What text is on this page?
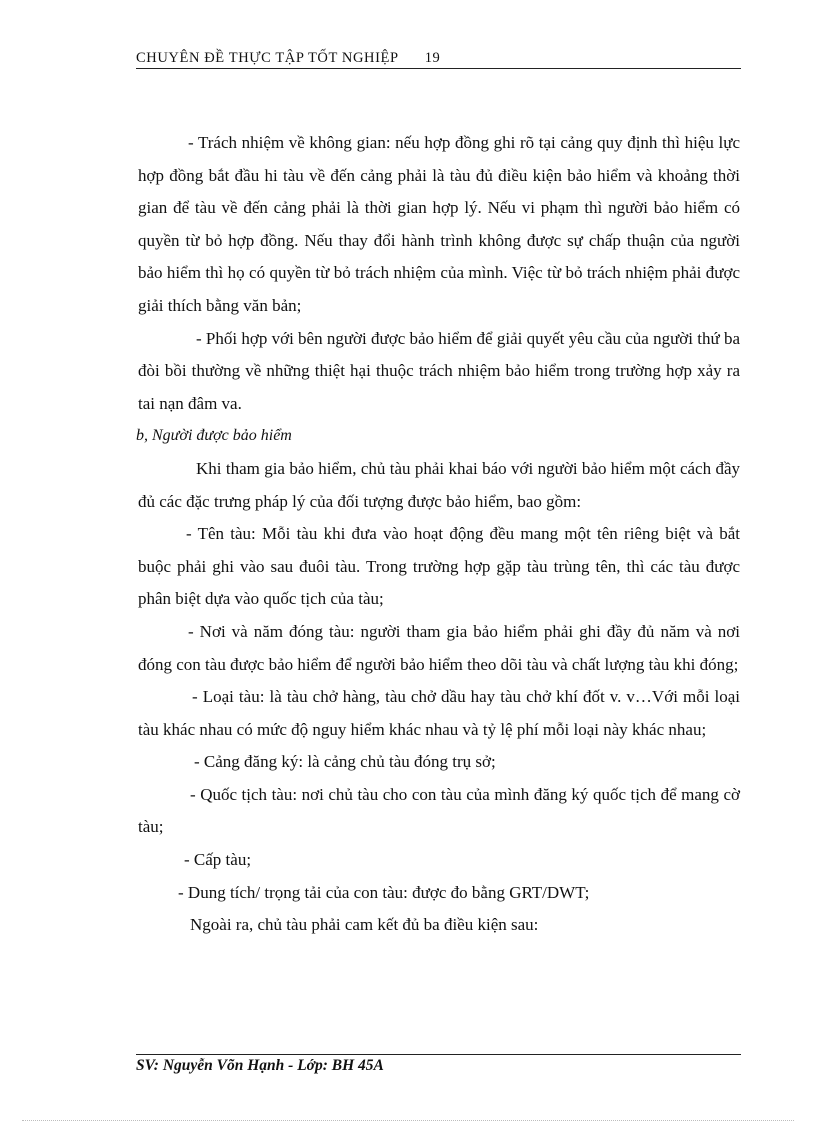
CHUYÊN ĐỀ THỰC TẬP TỐT NGHIỆP 19

- Trách nhiệm về không gian: nếu hợp đồng ghi rõ tại cảng quy định thì hiệu lực hợp đồng bắt đầu hi tàu về đến cảng phải là tàu đủ điều kiện bảo hiểm và khoảng thời gian để tàu về đến cảng phải là thời gian hợp lý. Nếu vi phạm thì người bảo hiểm có quyền từ bỏ hợp đồng. Nếu thay đổi hành trình không được sự chấp thuận của người bảo hiểm thì họ có quyền từ bỏ trách nhiệm của mình. Việc từ bỏ trách nhiệm phải được giải thích bằng văn bản;

- Phối hợp với bên người được bảo hiểm để giải quyết yêu cầu của người thứ ba đòi bồi thường về những thiệt hại thuộc trách nhiệm bảo hiểm trong trường hợp xảy ra tai nạn đâm va.

b, Người được bảo hiểm

Khi tham gia bảo hiểm, chủ tàu phải khai báo với người bảo hiểm một cách đầy đủ các đặc trưng pháp lý của đối tượng được bảo hiểm, bao gồm:

- Tên tàu: Mỗi tàu khi đưa vào hoạt động đều mang một tên riêng biệt và bắt buộc phải ghi vào sau đuôi tàu. Trong trường hợp gặp tàu trùng tên, thì các tàu được phân biệt dựa vào quốc tịch của tàu;

- Nơi và năm đóng tàu: người tham gia bảo hiểm phải ghi đầy đủ năm và nơi đóng con tàu được bảo hiểm để người bảo hiểm theo dõi tàu và chất lượng tàu khi đóng;

- Loại tàu: là tàu chở hàng, tàu chở dầu hay tàu chở khí đốt v. v…Với mỗi loại tàu khác nhau có mức độ nguy hiểm khác nhau và tỷ lệ phí mỗi loại này khác nhau;

- Cảng đăng ký: là cảng chủ tàu đóng trụ sở;

- Quốc tịch tàu: nơi chủ tàu cho con tàu của mình đăng ký quốc tịch để mang cờ tàu;

- Cấp tàu;

- Dung tích/ trọng tải của con tàu: được đo bằng GRT/DWT;

Ngoài ra, chủ tàu phải cam kết đủ ba điều kiện sau:

SV: Nguyễn Võn Hạnh - Lớp: BH 45A
